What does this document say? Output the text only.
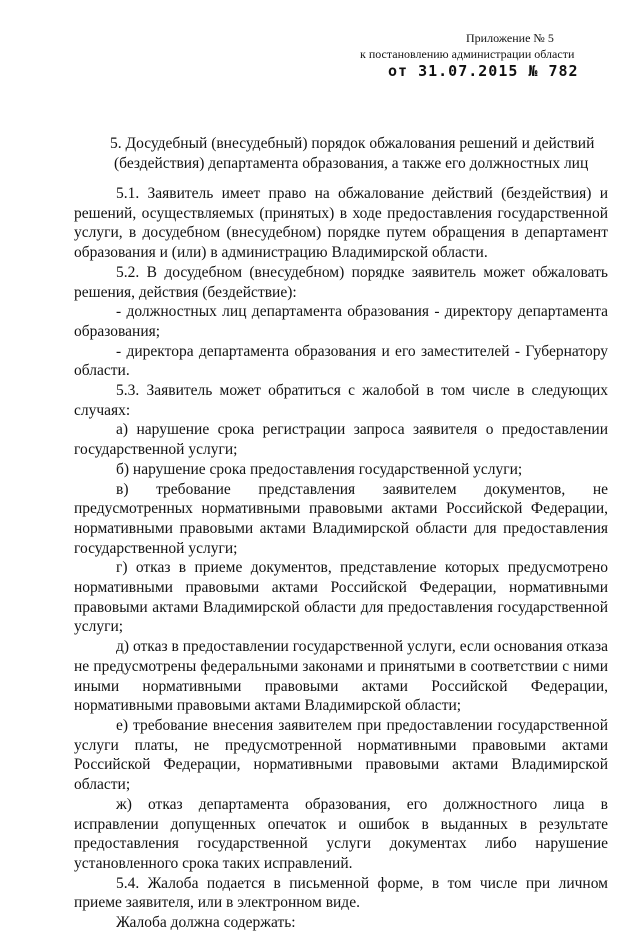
Приложение № 5
к постановлению администрации области
от 31.07.2015 № 782
5. Досудебный (внесудебный) порядок обжалования решений и действий
(бездействия) департамента образования, а также его должностных лиц

5.1. Заявитель имеет право на обжалование действий (бездействия) и решений, осуществляемых (принятых) в ходе предоставления государственной услуги, в досудебном (внесудебном) порядке путем обращения в департамент образования и (или) в администрацию Владимирской области.

5.2. В досудебном (внесудебном) порядке заявитель может обжаловать решения, действия (бездействие):

- должностных лиц департамента образования - директору департамента образования;

- директора департамента образования и его заместителей - Губернатору области.

5.3. Заявитель может обратиться с жалобой в том числе в следующих случаях:

а) нарушение срока регистрации запроса заявителя о предоставлении государственной услуги;

б) нарушение срока предоставления государственной услуги;

в) требование представления заявителем документов, не предусмотренных нормативными правовыми актами Российской Федерации, нормативными правовыми актами Владимирской области для предоставления государственной услуги;

г) отказ в приеме документов, представление которых предусмотрено нормативными правовыми актами Российской Федерации, нормативными правовыми актами Владимирской области для предоставления государственной услуги;

д) отказ в предоставлении государственной услуги, если основания отказа не предусмотрены федеральными законами и принятыми в соответствии с ними иными нормативными правовыми актами Российской Федерации, нормативными правовыми актами Владимирской области;

е) требование внесения заявителем при предоставлении государственной услуги платы, не предусмотренной нормативными правовыми актами Российской Федерации, нормативными правовыми актами Владимирской области;

ж) отказ департамента образования, его должностного лица в исправлении допущенных опечаток и ошибок в выданных в результате предоставления государственной услуги документах либо нарушение установленного срока таких исправлений.

5.4. Жалоба подается в письменной форме, в том числе при личном приеме заявителя, или в электронном виде.

Жалоба должна содержать:
